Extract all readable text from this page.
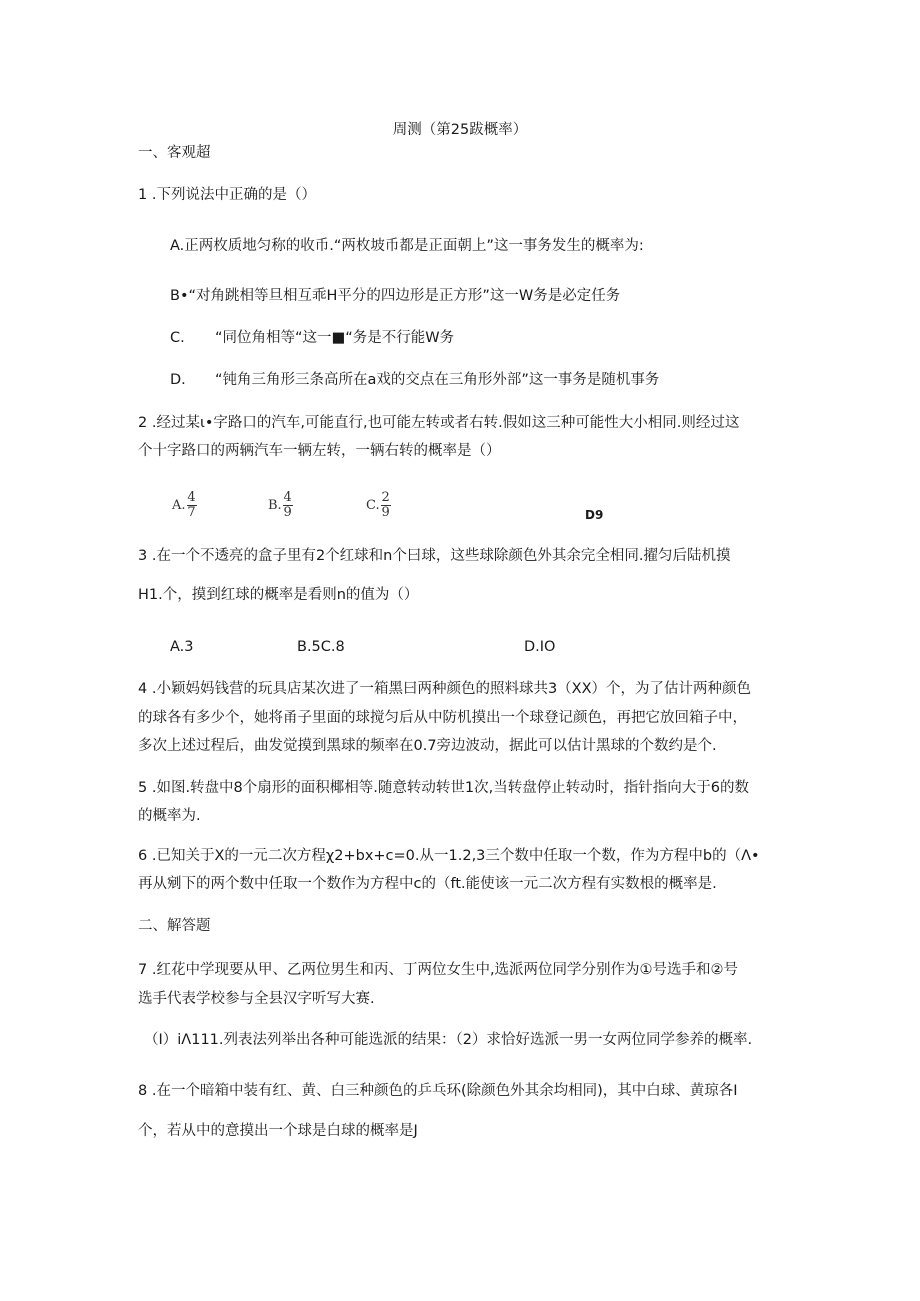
周测（第25跋概率）
一、客观超
1 .下列说法中正确的是（）
A.正两枚质地匀称的收币.“两枚坡币都是正面朝上”这一事务发生的概率为:
B•“对角跳相等旦相互乖H平分的四边形是正方形”这一W务是必定任务
C. “同位角相等“这一■“务是不行能W务
D. “钝角三角形三条高所在a戏的交点在三角形外部”这一事务是随机事务
2 .经过某ι•字路口的汽车,可能直行,也可能左转或者右转.假如这三种可能性大小相同.则经过这
个十字路口的两辆汽车一辆左转，一辆右转的概率是（）
A.
4
7	B.
4
9	C.
2
9	D9
3 .在一个不透亮的盒子里有2个红球和n个曰球，这些球除颜色外其余完全相同.擢匀后陆机摸
H1.个，摸到红球的概率是看则n的值为（）
A.3	B.5C.8	D.IO
4 .小颖妈妈钱营的玩具店某次进了一箱黑曰两种颜色的照料球共3（XX）个，为了估计两种颜色
的球各有多少个，她将甬子里面的球搅匀后从中防机摸出一个球登记颜色，再把它放回箱子中，
多次上述过程后，曲发觉摸到黑球的频率在0.7旁边波动，据此可以估计黑球的个数约是个.
5 .如图.转盘中8个扇形的面积椰相等.随意转动转世1次,当转盘停止转动时，指针指向大于6的数
的概率为.
6 .已知关于X的一元二次方程χ2+bx+c=0.从一1.2,3三个数中任取一个数，作为方程中b的（Λ•
再从剜下的两个数中任取一个数作为方程中c的（ft.能使该一元二次方程有实数根的概率是.
二、解答题
7 .红花中学现要从甲、乙两位男生和丙、丁两位女生中,选派两位同学分别作为①号选手和②号
选手代表学校参与全县汉字听写大赛.
（I）iΛ111.列表法列举出各种可能选派的结果：（2）求恰好选派一男一女两位同学参养的概率.
8 .在一个暗箱中装有红、黄、白三种颜色的乒乓环(除颜色外其余均相同)，其中白球、黄琼各I
个，若从中的意摸出一个球是白球的概率是J
